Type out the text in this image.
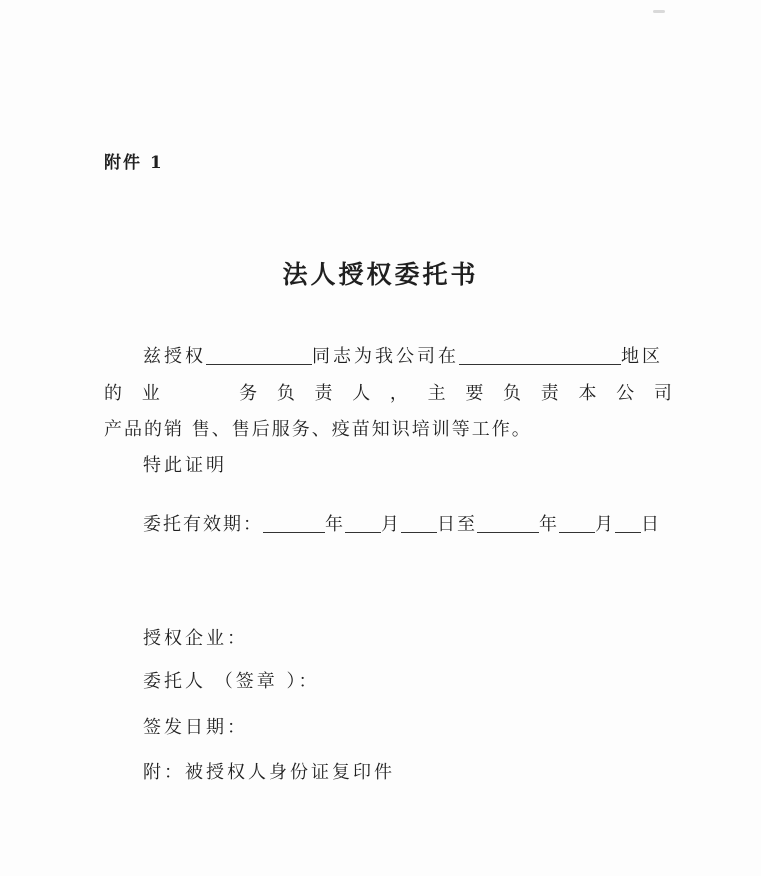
附件 1
法人授权委托书
兹授权	同志为我公司在	地区
的 业	务 负 责 人 ， 主 要 负 责 本 公 司
产品的销 售、售后服务、疫苗知识培训等工作。
特此证明
委托有效期：	年 月 日至	年 月 日
授权企业：
委托人 （签章 ）：
签发日期：
附：被授权人身份证复印件
